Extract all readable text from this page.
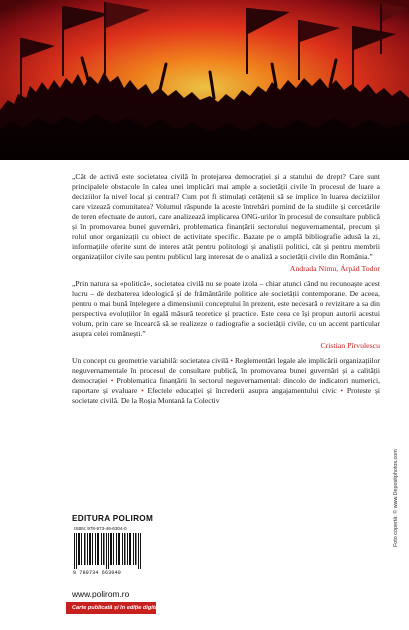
„Cât de activă este societatea civilă în protejarea democrației și a statului de drept? Care sunt principalele obstacole în calea unei implicări mai ample a societății civile în procesul de luare a deciziilor la nivel local și central? Cum pot fi stimulați cetățenii să se implice în luarea deciziilor care vizează comunitatea? Volumul răspunde la aceste întrebări pornind de la studiile și cercetările de teren efectuate de autori, care analizează implicarea ONG-urilor în procesul de consultare publică și în promovarea bunei guvernări, problematica finanțării sectorului neguvernamental, precum și rolul unor organizații cu obiect de activitate specific. Bazate pe o amplă bibliografie adusă la zi, informațiile oferite sunt de interes atât pentru politologi și analiștii politici, cât și pentru membrii organizațiilor civile sau pentru publicul larg interesat de o analiză a societății civile din România.”

Andrada Nimu, Árpád Todor

„Prin natura sa «politică», societatea civilă nu se poate izola – chiar atunci când nu recunoaște acest lucru – de dezbaterea ideologică și de frământările politice ale societății contemporane. De aceea, pentru o mai bună înțelegere a dimensiunii conceptului în prezent, este necesară o revizitare a sa din perspectiva evoluțiilor în egală măsură teoretice și practice. Este ceea ce își propun autorii acestui volum, prin care se încearcă să se realizeze o radiografie a societății civile, cu un accent particular asupra celei românești.”

Cristian Pîrvulescu

Un concept cu geometrie variabilă: societatea civilă • Reglementări legale ale implicării organizațiilor neguvernamentale în procesul de consultare publică, în promovarea bunei guvernări și a calității democrației • Problematica finanțării în sectorul neguvernamental: dincolo de indicatori numerici, raportare și evaluare • Efectele educației și încrederii asupra angajamentului civic • Proteste și societate civilă. De la Roșia Montană la Colectiv

EDITURA POLIROM
ISBN: 978-973-46-6304-0
9 789734 663040
www.polirom.ro
Carte publicată și în ediție digitală
Foto copertă: © www.Depositphotos.com
